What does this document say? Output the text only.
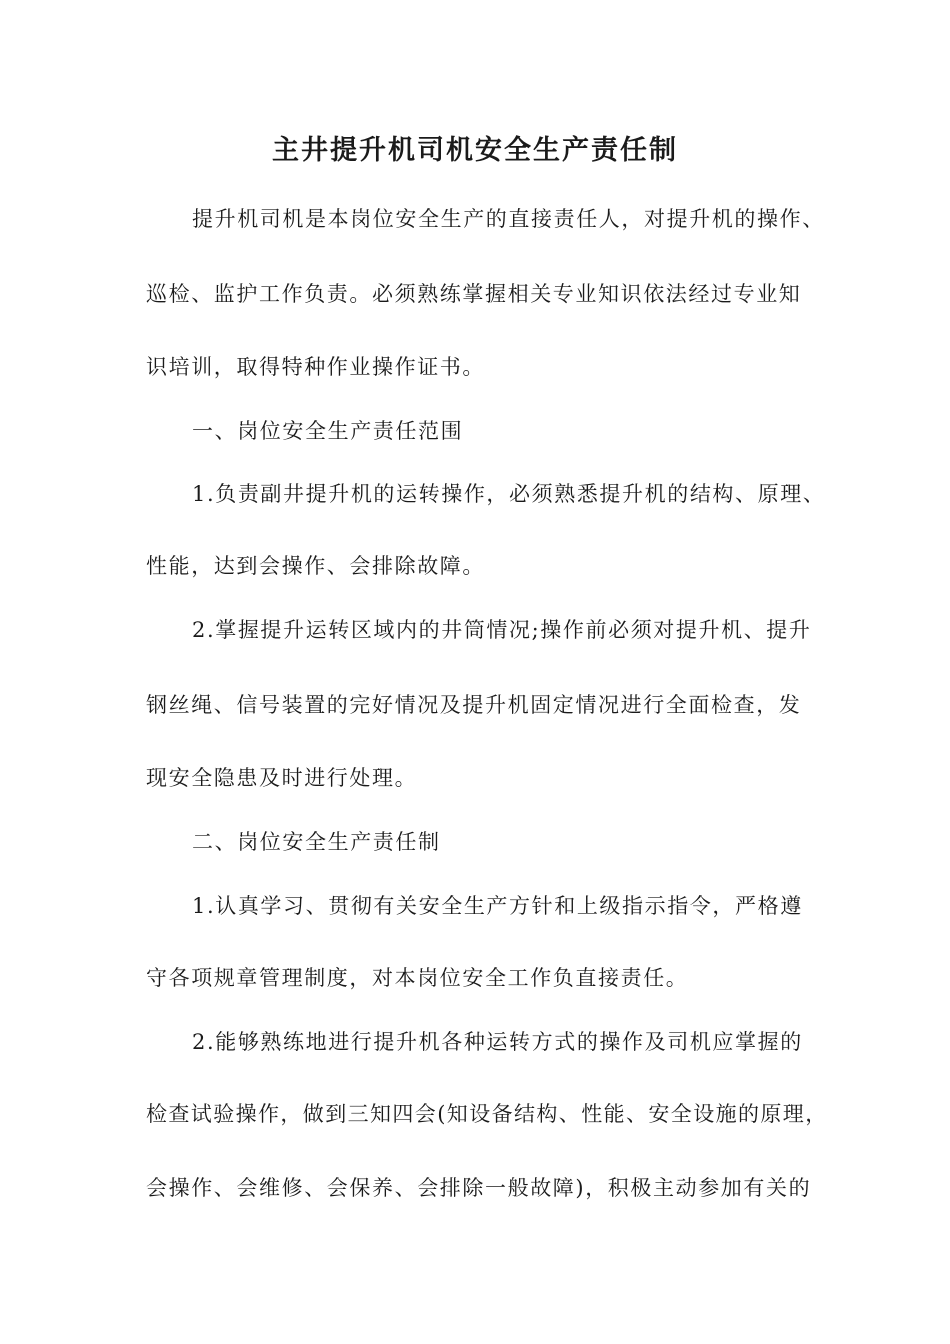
主井提升机司机安全生产责任制
提升机司机是本岗位安全生产的直接责任人，对提升机的操作、
巡检、监护工作负责。必须熟练掌握相关专业知识依法经过专业知
识培训，取得特种作业操作证书。
一、岗位安全生产责任范围
1.负责副井提升机的运转操作，必须熟悉提升机的结构、原理、
性能，达到会操作、会排除故障。
2.掌握提升运转区域内的井筒情况;操作前必须对提升机、提升
钢丝绳、信号装置的完好情况及提升机固定情况进行全面检查，发
现安全隐患及时进行处理。
二、岗位安全生产责任制
1.认真学习、贯彻有关安全生产方针和上级指示指令，严格遵
守各项规章管理制度，对本岗位安全工作负直接责任。
2.能够熟练地进行提升机各种运转方式的操作及司机应掌握的
检查试验操作，做到三知四会(知设备结构、性能、安全设施的原理，
会操作、会维修、会保养、会排除一般故障)，积极主动参加有关的
